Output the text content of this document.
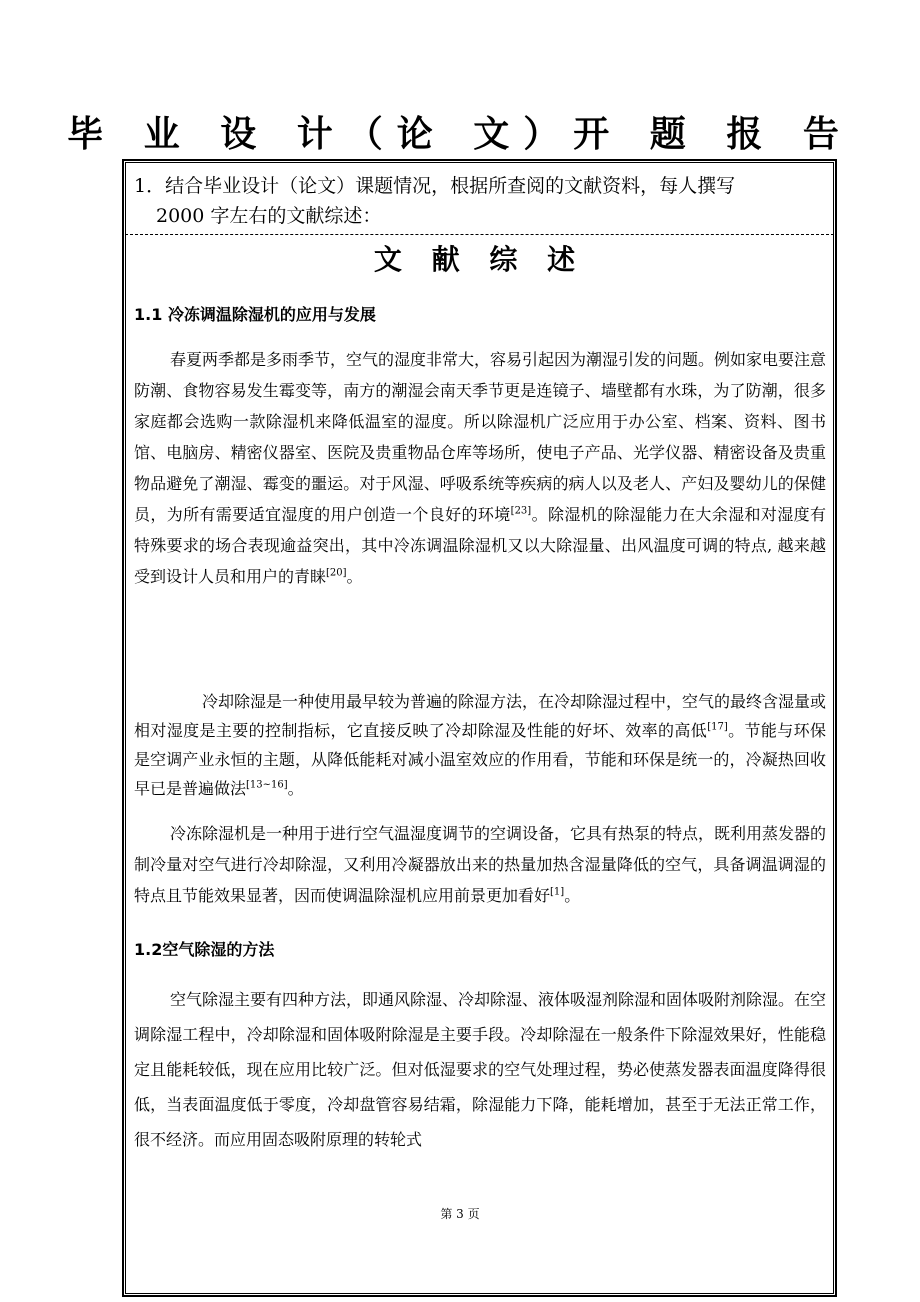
毕 业 设 计（论 文）开 题 报 告
1．结合毕业设计（论文）课题情况，根据所查阅的文献资料，每人撰写
2000 字左右的文献综述：
文 献 综 述
1.1 冷冻调温除湿机的应用与发展
春夏两季都是多雨季节，空气的湿度非常大，容易引起因为潮湿引发的问题。例如家电要注意防潮、食物容易发生霉变等，南方的潮湿会南天季节更是连镜子、墙壁都有水珠，为了防潮，很多家庭都会选购一款除湿机来降低温室的湿度。所以除湿机广泛应用于办公室、档案、资料、图书馆、电脑房、精密仪器室、医院及贵重物品仓库等场所，使电子产品、光学仪器、精密设备及贵重物品避免了潮湿、霉变的噩运。对于风湿、呼吸系统等疾病的病人以及老人、产妇及婴幼儿的保健员，为所有需要适宜湿度的用户创造一个良好的环境[23]。除湿机的除湿能力在大余湿和对湿度有特殊要求的场合表现逾益突出，其中冷冻调温除湿机又以大除湿量、出风温度可调的特点, 越来越受到设计人员和用户的青睐[20]。
冷却除湿是一种使用最早较为普遍的除湿方法，在冷却除湿过程中，空气的最终含湿量或相对湿度是主要的控制指标，它直接反映了冷却除湿及性能的好坏、效率的高低[17]。节能与环保是空调产业永恒的主题，从降低能耗对减小温室效应的作用看，节能和环保是统一的，冷凝热回收早已是普遍做法[13~16]。
冷冻除湿机是一种用于进行空气温湿度调节的空调设备，它具有热泵的特点，既利用蒸发器的制冷量对空气进行冷却除湿，又利用冷凝器放出来的热量加热含湿量降低的空气，具备调温调湿的特点且节能效果显著，因而使调温除湿机应用前景更加看好[1]。
1.2空气除湿的方法
空气除湿主要有四种方法，即通风除湿、冷却除湿、液体吸湿剂除湿和固体吸附剂除湿。在空调除湿工程中，冷却除湿和固体吸附除湿是主要手段。冷却除湿在一般条件下除湿效果好，性能稳定且能耗较低，现在应用比较广泛。但对低湿要求的空气处理过程，势必使蒸发器表面温度降得很低，当表面温度低于零度，冷却盘管容易结霜，除湿能力下降，能耗增加，甚至于无法正常工作，很不经济。而应用固态吸附原理的转轮式
第 3 页
